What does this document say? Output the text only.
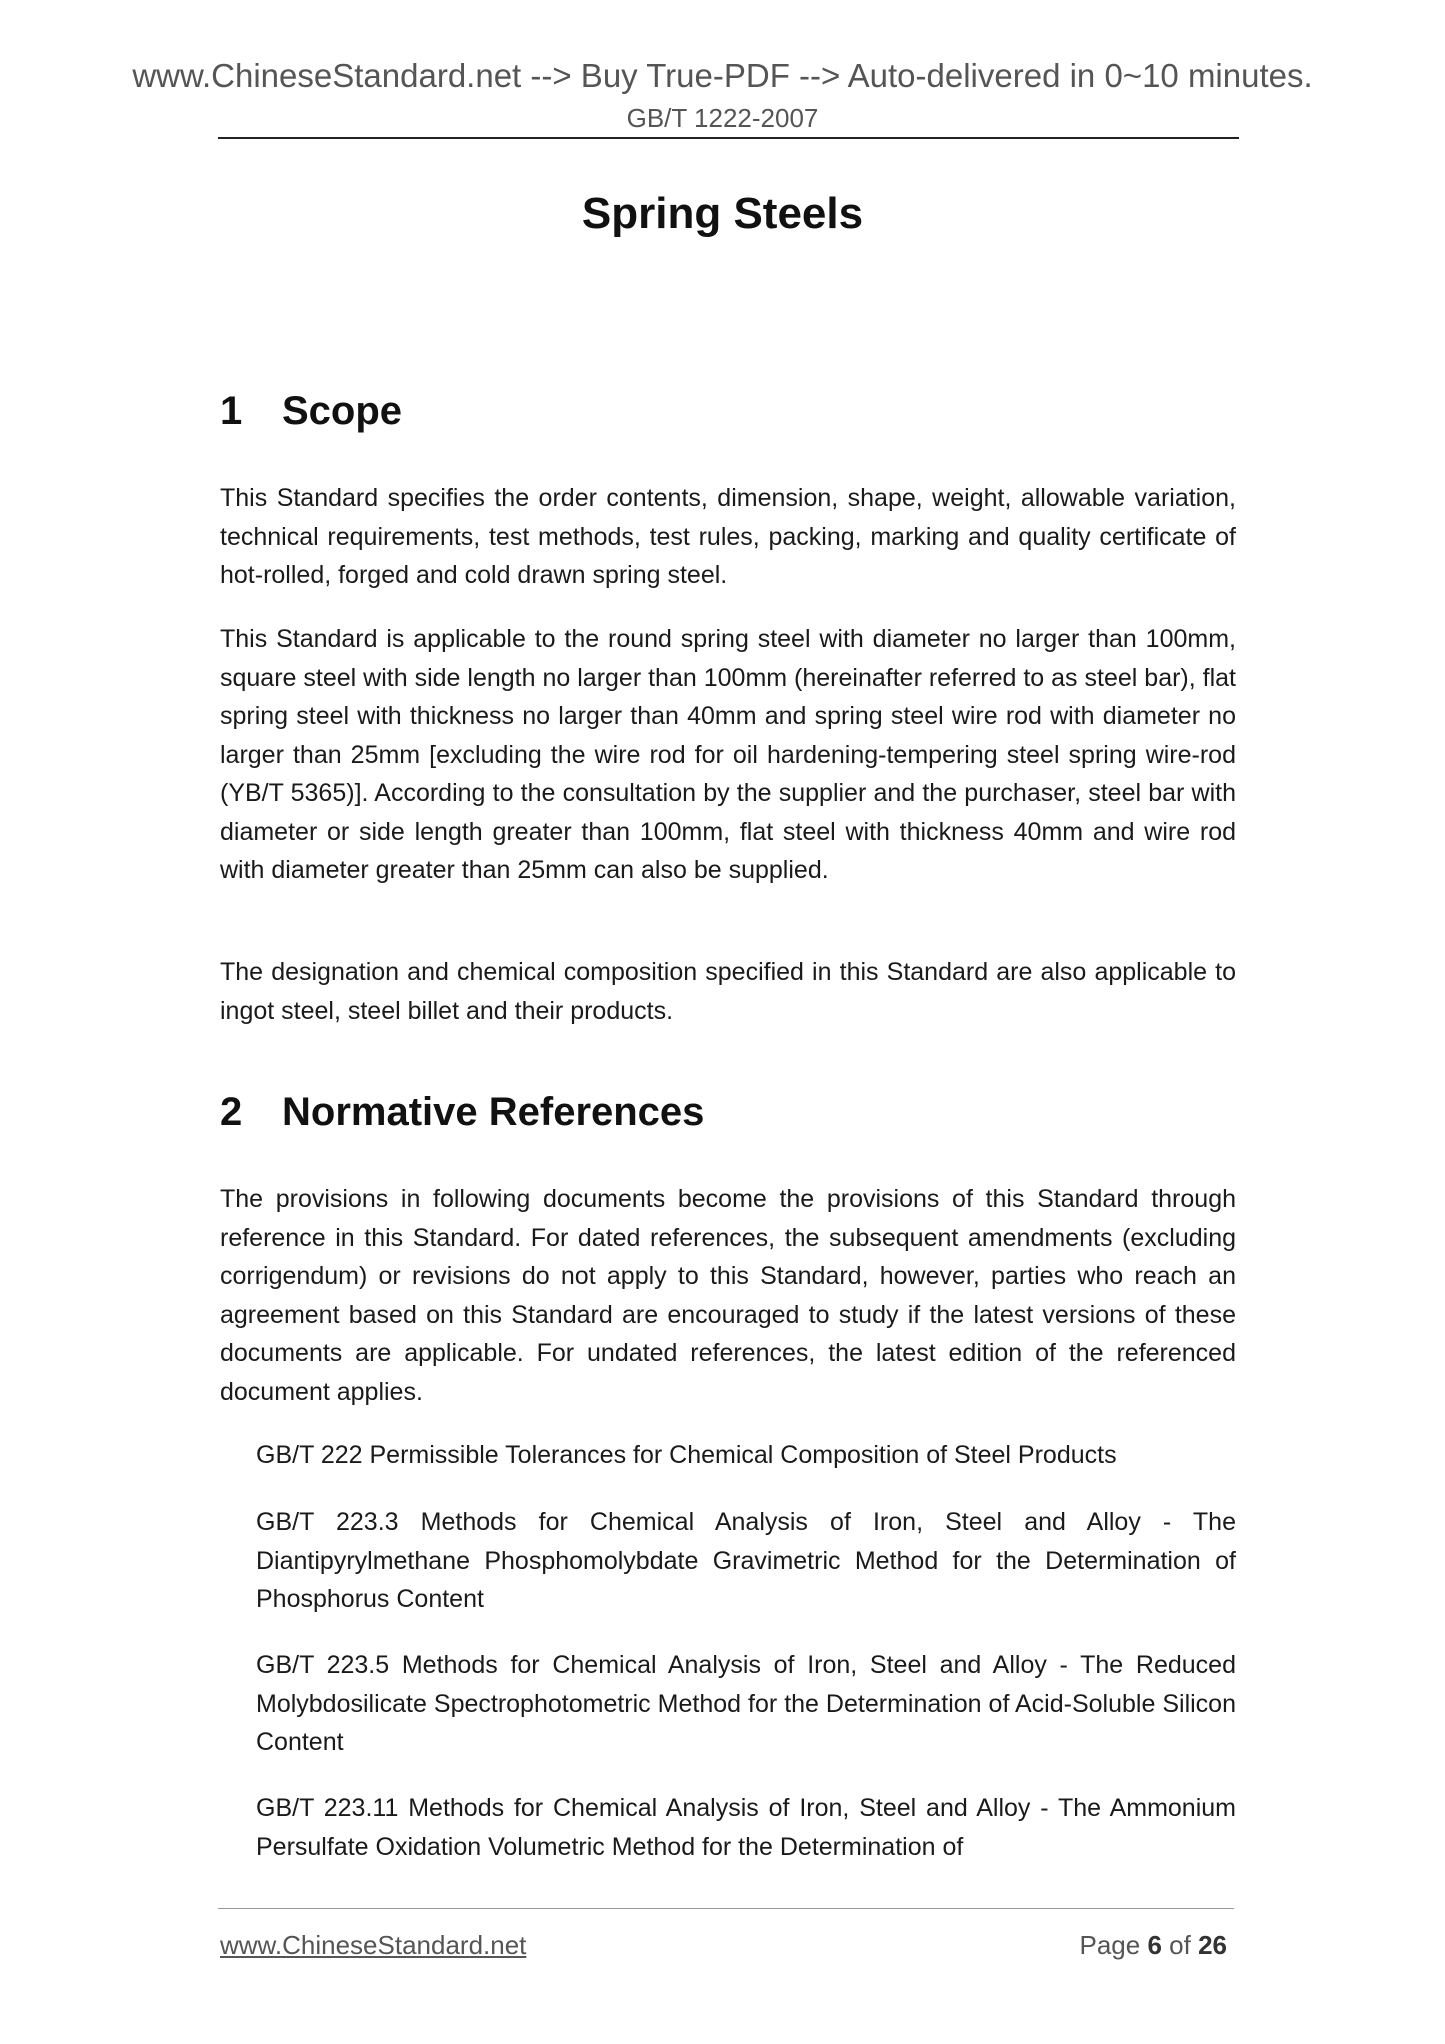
www.ChineseStandard.net --> Buy True-PDF --> Auto-delivered in 0~10 minutes.
GB/T 1222-2007
Spring Steels
1 Scope

This Standard specifies the order contents, dimension, shape, weight, allowable variation, technical requirements, test methods, test rules, packing, marking and quality certificate of hot-rolled, forged and cold drawn spring steel.

This Standard is applicable to the round spring steel with diameter no larger than 100mm, square steel with side length no larger than 100mm (hereinafter referred to as steel bar), flat spring steel with thickness no larger than 40mm and spring steel wire rod with diameter no larger than 25mm [excluding the wire rod for oil hardening-tempering steel spring wire-rod (YB/T 5365)]. According to the consultation by the supplier and the purchaser, steel bar with diameter or side length greater than 100mm, flat steel with thickness 40mm and wire rod with diameter greater than 25mm can also be supplied.

The designation and chemical composition specified in this Standard are also applicable to ingot steel, steel billet and their products.

2 Normative References

The provisions in following documents become the provisions of this Standard through reference in this Standard. For dated references, the subsequent amendments (excluding corrigendum) or revisions do not apply to this Standard, however, parties who reach an agreement based on this Standard are encouraged to study if the latest versions of these documents are applicable. For undated references, the latest edition of the referenced document applies.

GB/T 222 Permissible Tolerances for Chemical Composition of Steel Products

GB/T 223.3 Methods for Chemical Analysis of Iron, Steel and Alloy - The Diantipyrylmethane Phosphomolybdate Gravimetric Method for the Determination of Phosphorus Content

GB/T 223.5 Methods for Chemical Analysis of Iron, Steel and Alloy - The Reduced Molybdosilicate Spectrophotometric Method for the Determination of Acid-Soluble Silicon Content

GB/T 223.11 Methods for Chemical Analysis of Iron, Steel and Alloy - The Ammonium Persulfate Oxidation Volumetric Method for the Determination of

www.ChineseStandard.net	Page 6 of 26
